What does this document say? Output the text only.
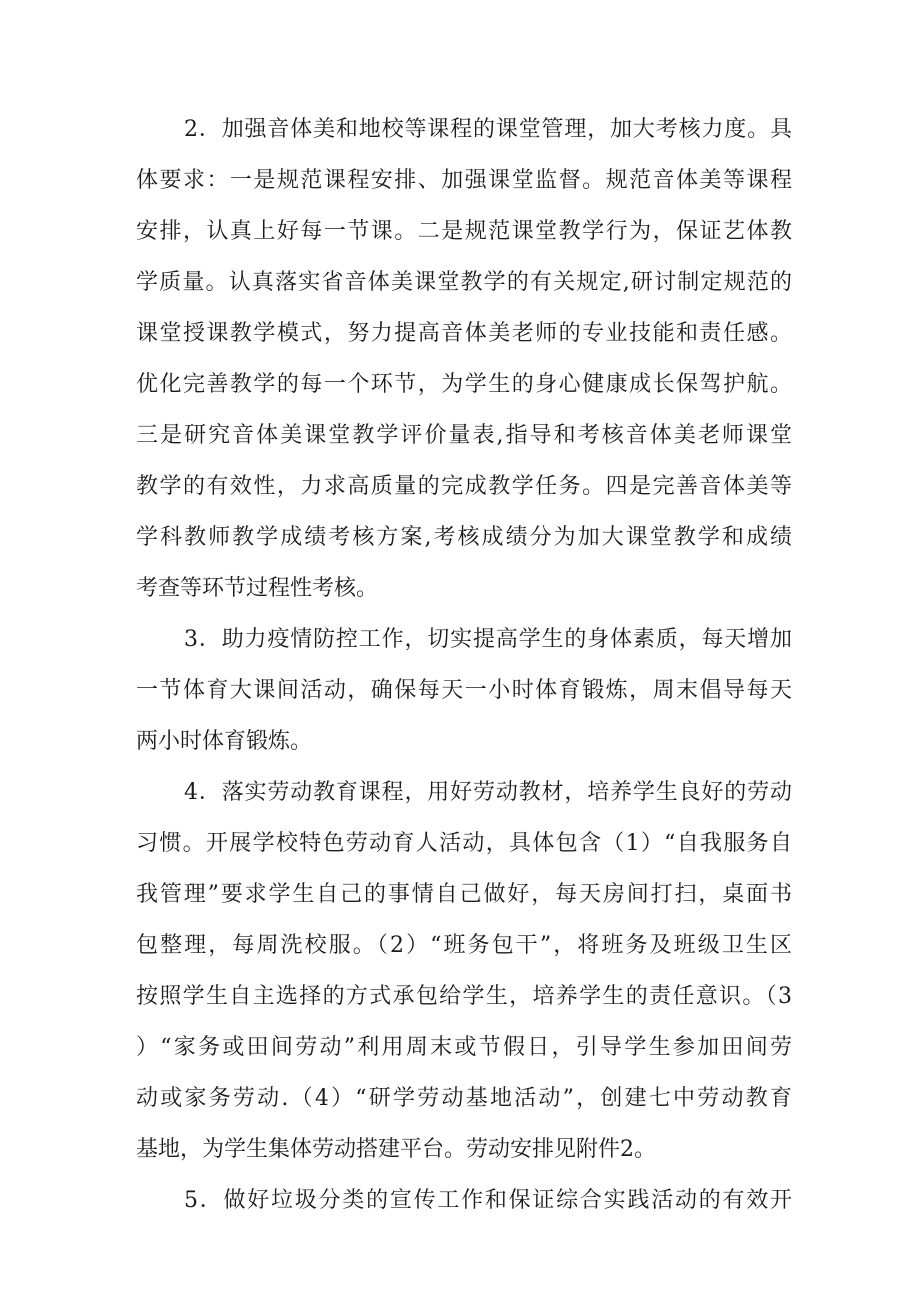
2．加强音体美和地校等课程的课堂管理，加大考核力度。具
体要求：一是规范课程安排、加强课堂监督。规范音体美等课程
安排，认真上好每一节课。二是规范课堂教学行为，保证艺体教
学质量。认真落实省音体美课堂教学的有关规定,研讨制定规范的
课堂授课教学模式，努力提高音体美老师的专业技能和责任感。
优化完善教学的每一个环节，为学生的身心健康成长保驾护航。
三是研究音体美课堂教学评价量表,指导和考核音体美老师课堂
教学的有效性，力求高质量的完成教学任务。四是完善音体美等
学科教师教学成绩考核方案,考核成绩分为加大课堂教学和成绩
考查等环节过程性考核。
3．助力疫情防控工作，切实提高学生的身体素质，每天增加
一节体育大课间活动，确保每天一小时体育锻炼，周末倡导每天
两小时体育锻炼。
4．落实劳动教育课程，用好劳动教材，培养学生良好的劳动
习惯。开展学校特色劳动育人活动，具体包含（1）“自我服务自
我管理”要求学生自己的事情自己做好，每天房间打扫，桌面书
包整理，每周洗校服。（2）“班务包干”，将班务及班级卫生区
按照学生自主选择的方式承包给学生，培养学生的责任意识。（3
）“家务或田间劳动”利用周末或节假日，引导学生参加田间劳
动或家务劳动.（4）“研学劳动基地活动”，创建七中劳动教育
基地，为学生集体劳动搭建平台。劳动安排见附件2。
5．做好垃圾分类的宣传工作和保证综合实践活动的有效开
